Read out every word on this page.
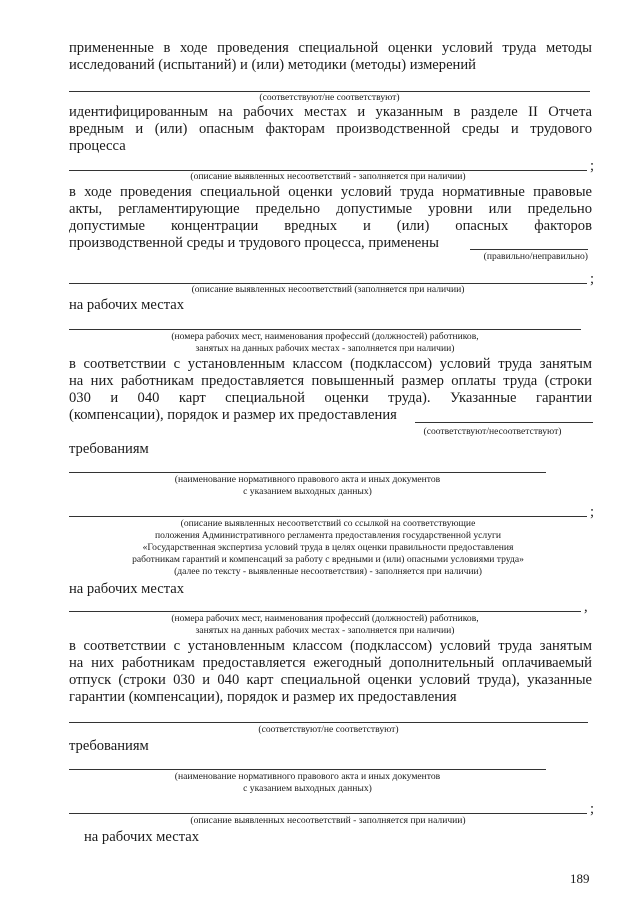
примененные в ходе проведения специальной оценки условий труда методы
исследований (испытаний) и (или) методики (методы) измерений
(соответствуют/не соответствуют)
идентифицированным на рабочих местах и указанным в разделе II Отчета
вредным и (или) опасным факторам производственной среды и трудового
процесса
;
(описание выявленных несоответствий - заполняется при наличии)
в ходе проведения специальной оценки условий труда нормативные правовые
акты, регламентирующие предельно допустимые уровни или предельно
допустимые концентрации вредных и (или) опасных факторов
производственной среды и трудового процесса, применены
(правильно/неправильно)
;
(описание выявленных несоответствий (заполняется при наличии)
на рабочих местах
(номера рабочих мест, наименования профессий (должностей) работников,
занятых на данных рабочих местах - заполняется при наличии)
в соответствии с установленным классом (подклассом) условий труда занятым
на них работникам предоставляется повышенный размер оплаты труда (строки
030 и 040 карт специальной оценки труда). Указанные гарантии
(компенсации), порядок и размер их предоставления
(соответствуют/несоответствуют)
требованиям
(наименование нормативного правового акта и иных документов
с указанием выходных данных)
;
(описание выявленных несоответствий со ссылкой на соответствующие
положения Административного регламента предоставления государственной услуги
«Государственная экспертиза условий труда в целях оценки правильности предоставления
работникам гарантий и компенсаций за работу с вредными и (или) опасными условиями труда»
(далее по тексту - выявленные несоответствия) - заполняется при наличии)
на рабочих местах
,
(номера рабочих мест, наименования профессий (должностей) работников,
занятых на данных рабочих местах - заполняется при наличии)
в соответствии с установленным классом (подклассом) условий труда занятым
на них работникам предоставляется ежегодный дополнительный оплачиваемый
отпуск (строки 030 и 040 карт специальной оценки условий труда), указанные
гарантии (компенсации), порядок и размер их предоставления
(соответствуют/не соответствуют)
требованиям
(наименование нормативного правового акта и иных документов
с указанием выходных данных)
;
(описание выявленных несоответствий - заполняется при наличии)
на рабочих местах
189
